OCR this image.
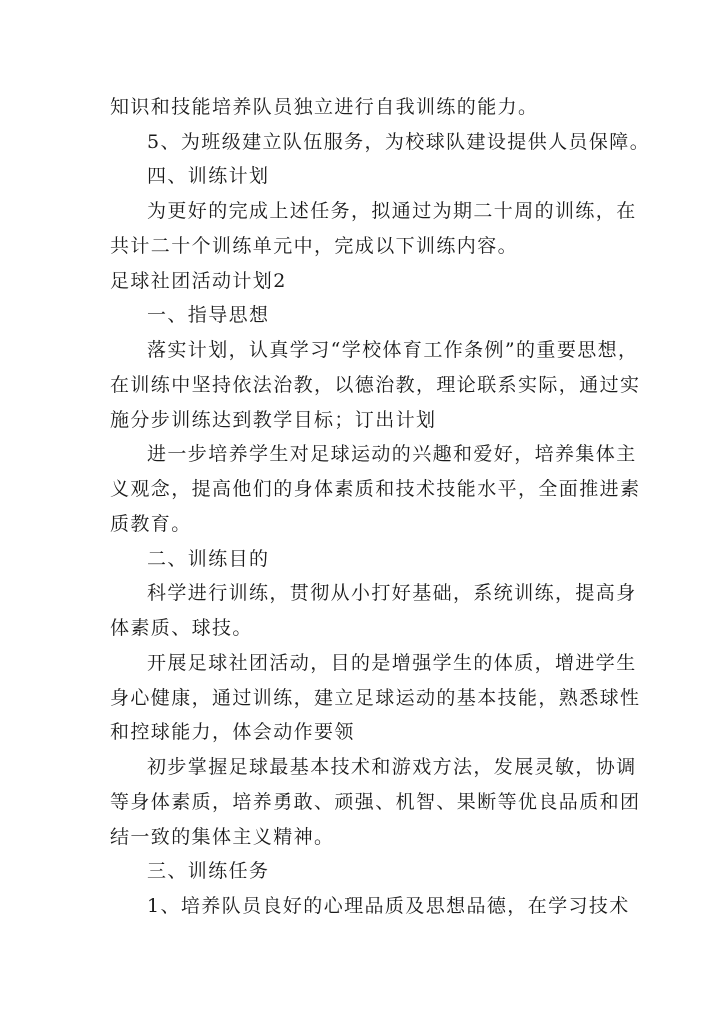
知识和技能培养队员独立进行自我训练的能力。
5、为班级建立队伍服务，为校球队建设提供人员保障。
四、训练计划
为更好的完成上述任务，拟通过为期二十周的训练，在
共计二十个训练单元中，完成以下训练内容。
足球社团活动计划2
一、指导思想
落实计划，认真学习“学校体育工作条例”的重要思想，
在训练中坚持依法治教，以德治教，理论联系实际，通过实
施分步训练达到教学目标；订出计划
进一步培养学生对足球运动的兴趣和爱好，培养集体主
义观念，提高他们的身体素质和技术技能水平，全面推进素
质教育。
二、训练目的
科学进行训练，贯彻从小打好基础，系统训练，提高身
体素质、球技。
开展足球社团活动，目的是增强学生的体质，增进学生
身心健康，通过训练，建立足球运动的基本技能，熟悉球性
和控球能力，体会动作要领
初步掌握足球最基本技术和游戏方法，发展灵敏，协调
等身体素质，培养勇敢、顽强、机智、果断等优良品质和团
结一致的集体主义精神。
三、训练任务
1、培养队员良好的心理品质及思想品德，在学习技术
